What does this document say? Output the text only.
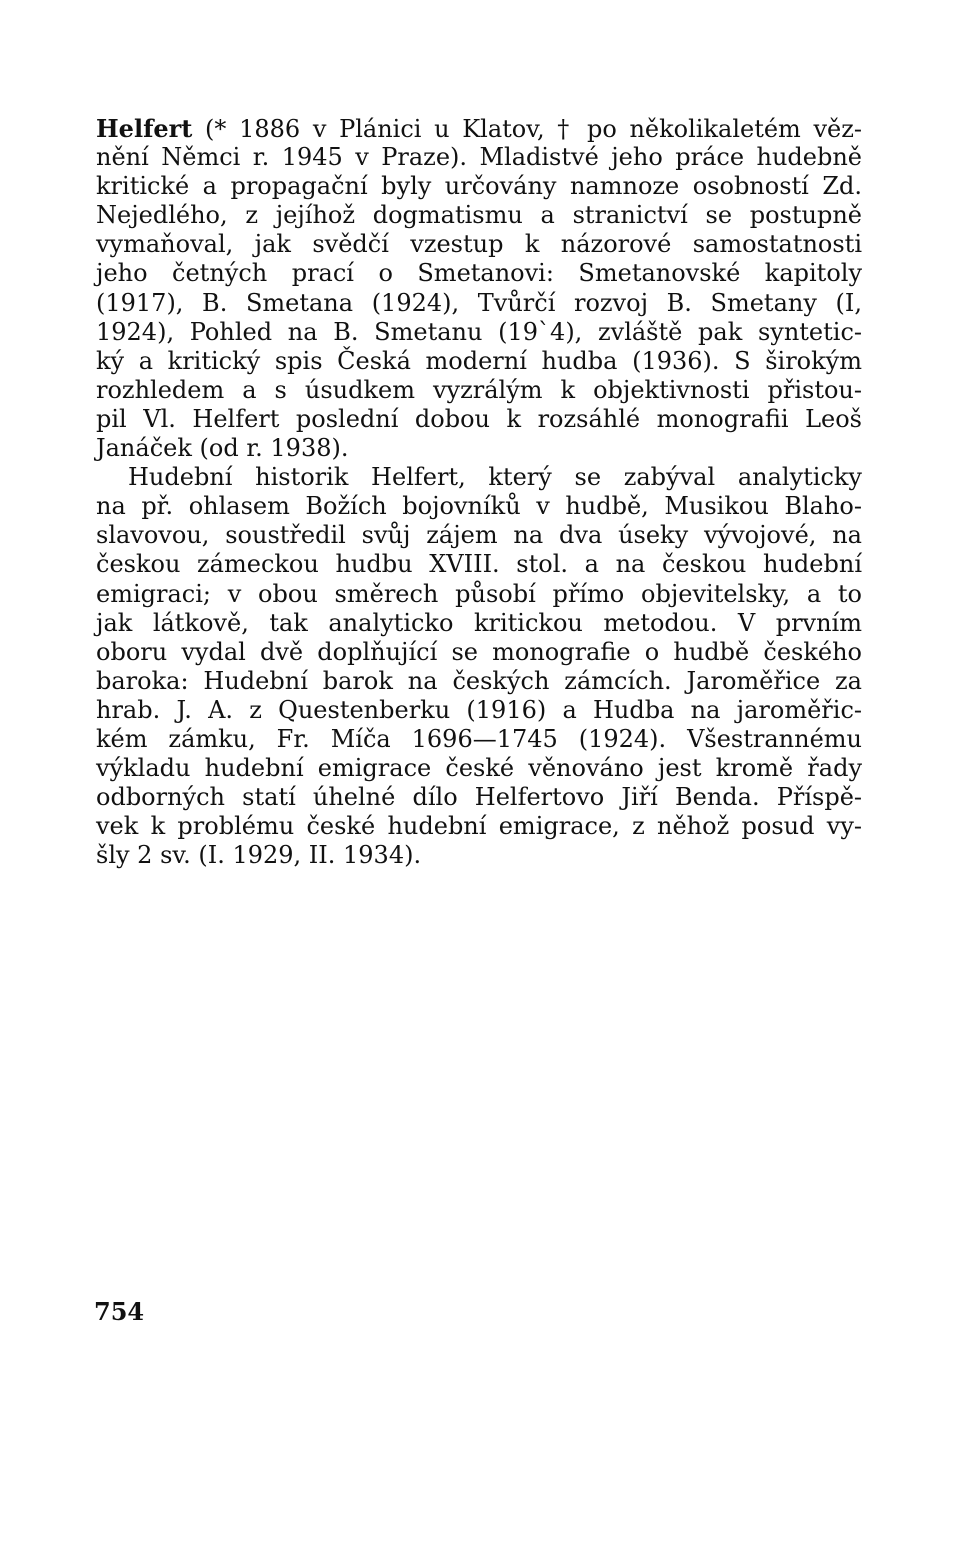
Helfert (* 1886 v Plánici u Klatov, † po několikaletém věz-
nění Němci r. 1945 v Praze). Mladistvé jeho práce hudebně
kritické a propagační byly určovány namnoze osobností Zd.
Nejedlého, z jejíhož dogmatismu a stranictví se postupně
vymaňoval, jak svědčí vzestup k názorové samostatnosti
jeho četných prací o Smetanovi: Smetanovské kapitoly
(1917), B. Smetana (1924), Tvůrčí rozvoj B. Smetany (I,
1924), Pohled na B. Smetanu (19`4), zvláště pak syntetic-
ký a kritický spis Česká moderní hudba (1936). S širokým
rozhledem a s úsudkem vyzrálým k objektivnosti přistou-
pil Vl. Helfert poslední dobou k rozsáhlé monografii Leoš
Janáček (od r. 1938).
Hudební historik Helfert, který se zabýval analyticky
na př. ohlasem Božích bojovníků v hudbě, Musikou Blaho-
slavovou, soustředil svůj zájem na dva úseky vývojové, na
českou zámeckou hudbu XVIII. stol. a na českou hudební
emigraci; v obou směrech působí přímo objevitelsky, a to
jak látkově, tak analyticko kritickou metodou. V prvním
oboru vydal dvě doplňující se monografie o hudbě českého
baroka: Hudební barok na českých zámcích. Jaroměřice za
hrab. J. A. z Questenberku (1916) a Hudba na jaroměřic-
kém zámku, Fr. Míča 1696—1745 (1924). Všestrannému
výkladu hudební emigrace české věnováno jest kromě řady
odborných statí úhelné dílo Helfertovo Jiří Benda. Příspě-
vek k problému české hudební emigrace, z něhož posud vy-
šly 2 sv. (I. 1929, II. 1934).
754
